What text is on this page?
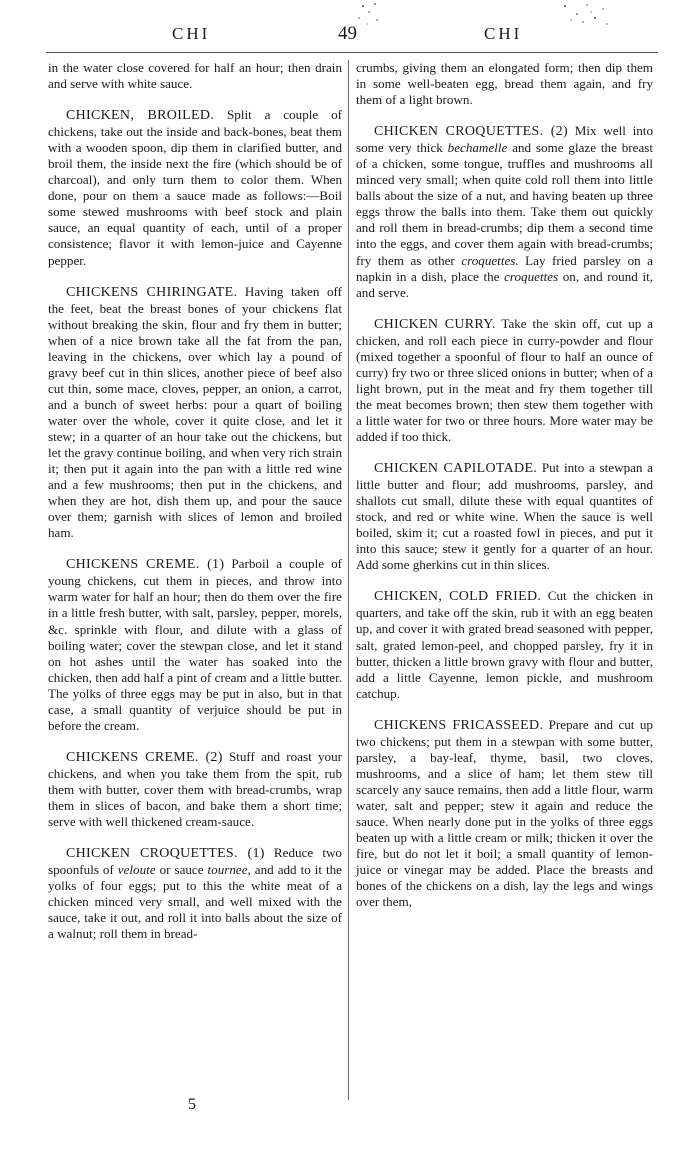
CHI	49	CHI

in the water close covered for half an hour; then drain and serve with white sauce.

CHICKEN, BROILED. Split a couple of chickens, take out the inside and back-bones, beat them with a wooden spoon, dip them in clarified butter, and broil them, the inside next the fire (which should be of charcoal), and only turn them to color them. When done, pour on them a sauce made as follows:—Boil some stewed mushrooms with beef stock and plain sauce, an equal quantity of each, until of a proper consistence; flavor it with lemon-juice and Cayenne pepper.

CHICKENS CHIRINGATE. Having taken off the feet, beat the breast bones of your chickens flat without breaking the skin, flour and fry them in butter; when of a nice brown take all the fat from the pan, leaving in the chickens, over which lay a pound of gravy beef cut in thin slices, another piece of beef also cut thin, some mace, cloves, pepper, an onion, a carrot, and a bunch of sweet herbs: pour a quart of boiling water over the whole, cover it quite close, and let it stew; in a quarter of an hour take out the chickens, but let the gravy continue boiling, and when very rich strain it; then put it again into the pan with a little red wine and a few mushrooms; then put in the chickens, and when they are hot, dish them up, and pour the sauce over them; garnish with slices of lemon and broiled ham.

CHICKENS CREME. (1) Parboil a couple of young chickens, cut them in pieces, and throw into warm water for half an hour; then do them over the fire in a little fresh butter, with salt, parsley, pepper, morels, &c. sprinkle with flour, and dilute with a glass of boiling water; cover the stewpan close, and let it stand on hot ashes until the water has soaked into the chicken, then add half a pint of cream and a little butter. The yolks of three eggs may be put in also, but in that case, a small quantity of verjuice should be put in before the cream.

CHICKENS CREME. (2) Stuff and roast your chickens, and when you take them from the spit, rub them with butter, cover them with bread-crumbs, wrap them in slices of bacon, and bake them a short time; serve with well thickened cream-sauce.

CHICKEN CROQUETTES. (1) Reduce two spoonfuls of veloute or sauce tournee, and add to it the yolks of four eggs; put to this the white meat of a chicken minced very small, and well mixed with the sauce, take it out, and roll it into balls about the size of a walnut; roll them in bread-

crumbs, giving them an elongated form; then dip them in some well-beaten egg, bread them again, and fry them of a light brown.

CHICKEN CROQUETTES. (2) Mix well into some very thick bechamelle and some glaze the breast of a chicken, some tongue, truffles and mushrooms all minced very small; when quite cold roll them into little balls about the size of a nut, and having beaten up three eggs throw the balls into them. Take them out quickly and roll them in bread-crumbs; dip them a second time into the eggs, and cover them again with bread-crumbs; fry them as other croquettes. Lay fried parsley on a napkin in a dish, place the croquettes on, and round it, and serve.

CHICKEN CURRY. Take the skin off, cut up a chicken, and roll each piece in curry-powder and flour (mixed together a spoonful of flour to half an ounce of curry) fry two or three sliced onions in butter; when of a light brown, put in the meat and fry them together till the meat becomes brown; then stew them together with a little water for two or three hours. More water may be added if too thick.

CHICKEN CAPILOTADE. Put into a stewpan a little butter and flour; add mushrooms, parsley, and shallots cut small, dilute these with equal quantites of stock, and red or white wine. When the sauce is well boiled, skim it; cut a roasted fowl in pieces, and put it into this sauce; stew it gently for a quarter of an hour. Add some gherkins cut in thin slices.

CHICKEN, COLD FRIED. Cut the chicken in quarters, and take off the skin, rub it with an egg beaten up, and cover it with grated bread seasoned with pepper, salt, grated lemon-peel, and chopped parsley, fry it in butter, thicken a little brown gravy with flour and butter, add a little Cayenne, lemon pickle, and mushroom catchup.

CHICKENS FRICASSEED. Prepare and cut up two chickens; put them in a stewpan with some butter, parsley, a bay-leaf, thyme, basil, two cloves, mushrooms, and a slice of ham; let them stew till scarcely any sauce remains, then add a little flour, warm water, salt and pepper; stew it again and reduce the sauce. When nearly done put in the yolks of three eggs beaten up with a little cream or milk; thicken it over the fire, but do not let it boil; a small quantity of lemon-juice or vinegar may be added. Place the breasts and bones of the chickens on a dish, lay the legs and wings over them,

5
